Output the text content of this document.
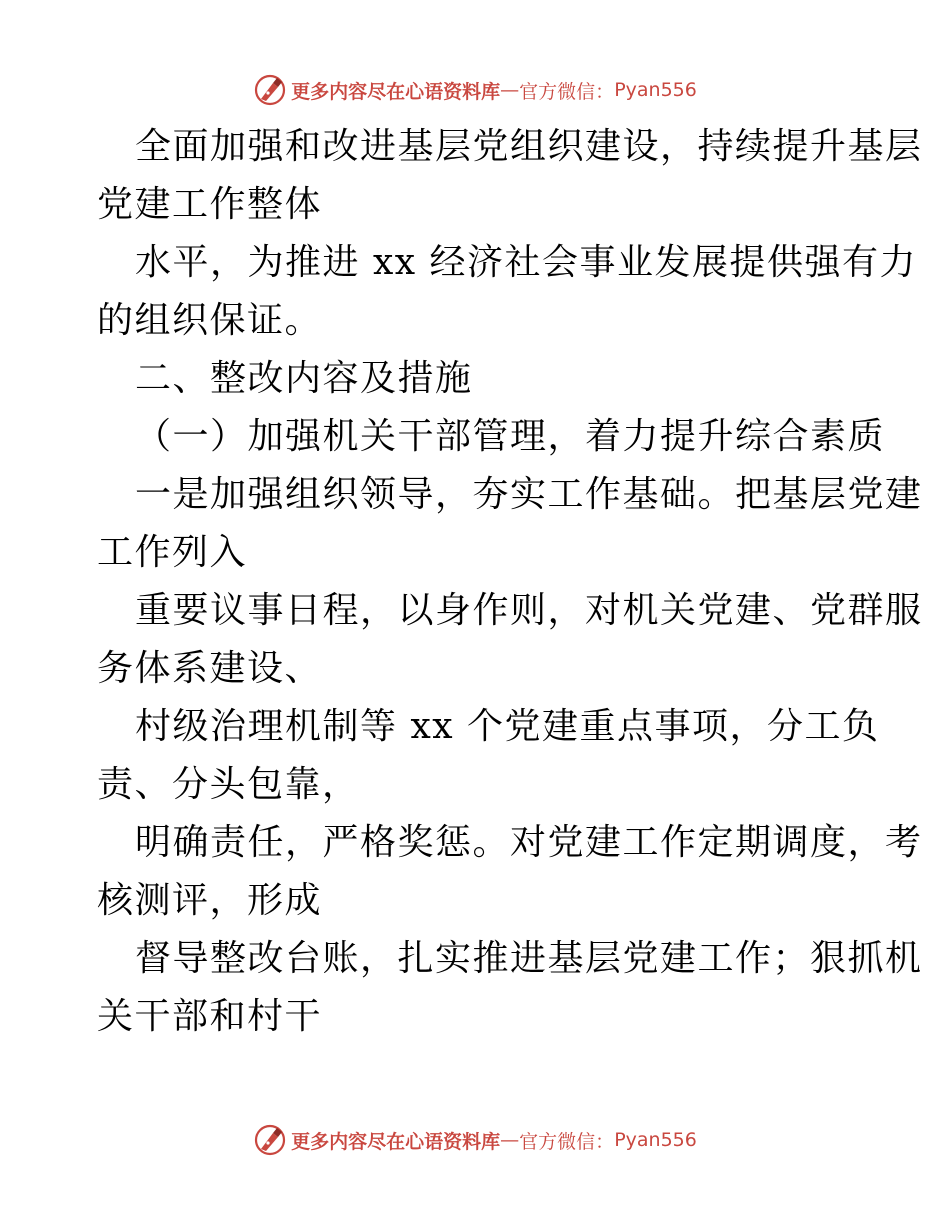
更多内容尽在心语资料库 — 官方微信： Pyan556
全面加强和改进基层党组织建设，持续提升基层
党建工作整体
水平，为推进 xx 经济社会事业发展提供强有力
的组织保证。
二、整改内容及措施
（一）加强机关干部管理，着力提升综合素质
一是加强组织领导，夯实工作基础。把基层党建
工作列入
重要议事日程，以身作则，对机关党建、党群服
务体系建设、
村级治理机制等 xx 个党建重点事项，分工负
责、分头包靠，
明确责任，严格奖惩。对党建工作定期调度，考
核测评，形成
督导整改台账，扎实推进基层党建工作；狠抓机
关干部和村干
更多内容尽在心语资料库 — 官方微信： Pyan556
